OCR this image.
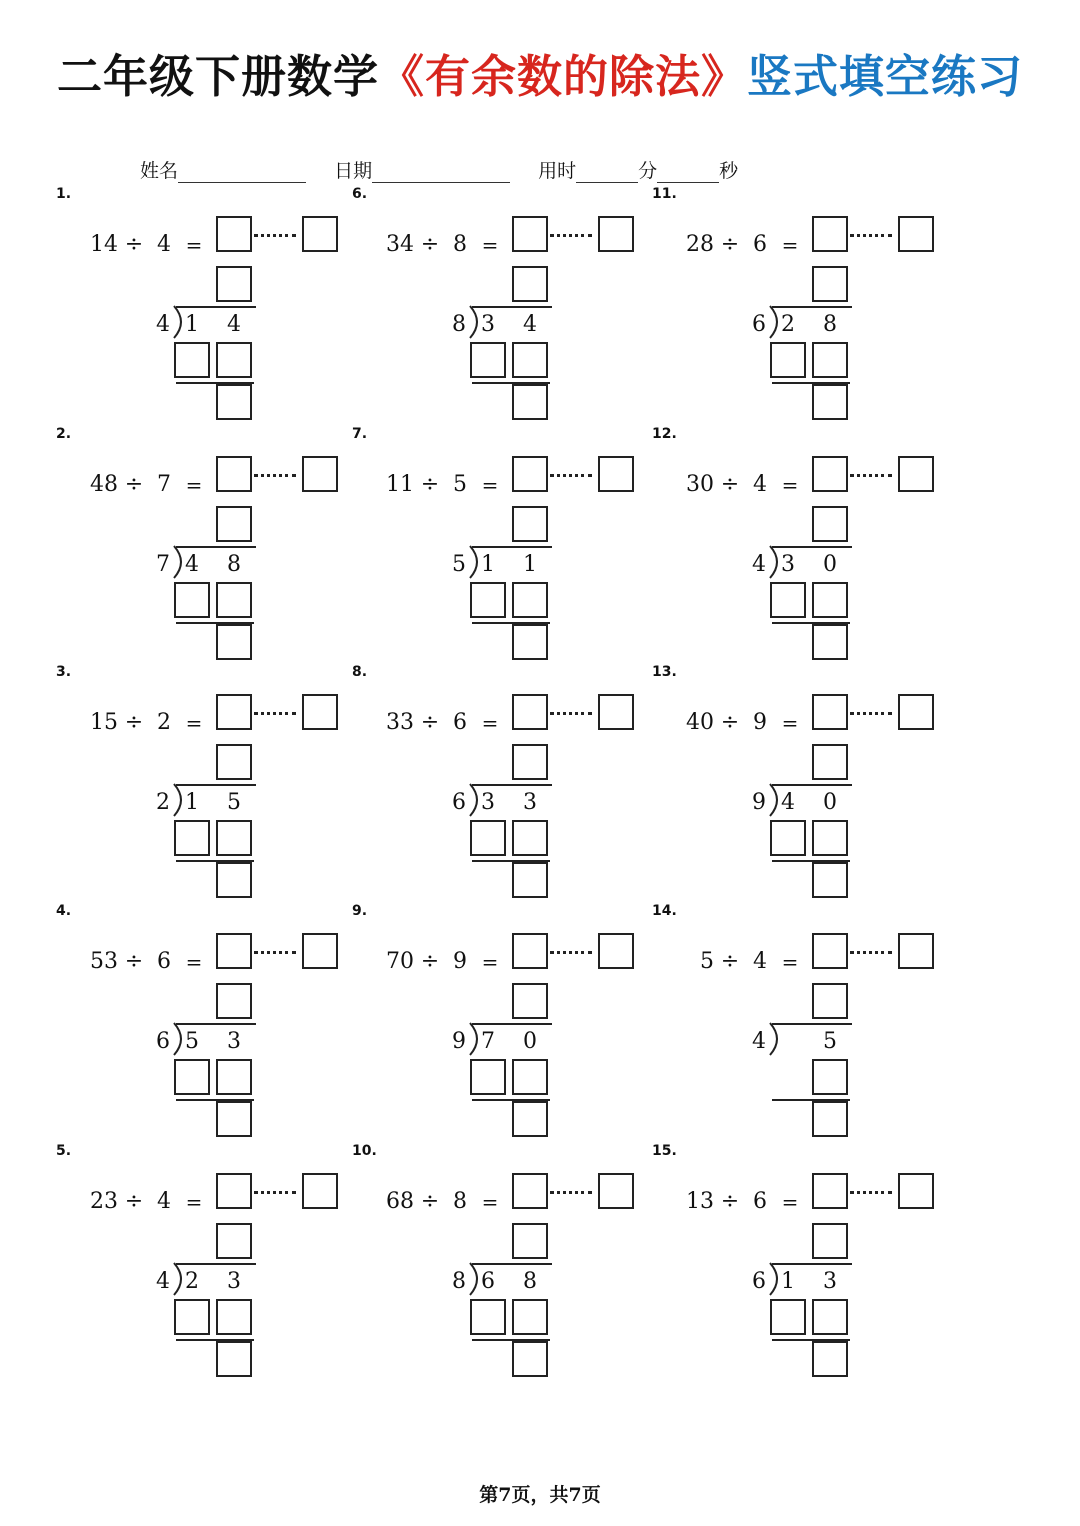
二年级下册数学《有余数的除法》竖式填空练习
姓名	日期	用时	分	秒
1.
14 ÷ 4 =
4 1 4
2.
48 ÷ 7 =
7 4 8
3.
15 ÷ 2 =
2 1 5
4.
53 ÷ 6 =
6 5 3
5.
23 ÷ 4 =
4 2 3
6.
34 ÷ 8 =
8 3 4
7.
11 ÷ 5 =
5 1 1
8.
33 ÷ 6 =
6 3 3
9.
70 ÷ 9 =
9 7 0
10.
68 ÷ 8 =
8 6 8
11.
28 ÷ 6 =
6 2 8
12.
30 ÷ 4 =
4 3 0
13.
40 ÷ 9 =
9 4 0
14.
5 ÷ 4 =
4	5
15.
13 ÷ 6 =
6 1 3
第7页，共7页
